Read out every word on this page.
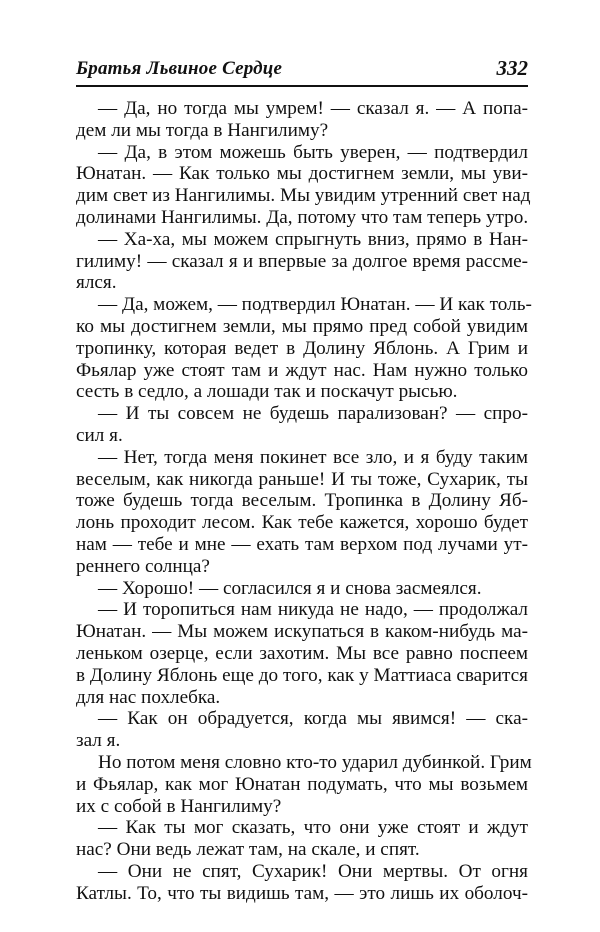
Братья Львиное Сердце	332
— Да, но тогда мы умрем! — сказал я. — А попа-
дем ли мы тогда в Нангилиму?
— Да, в этом можешь быть уверен, — подтвердил
Юнатан. — Как только мы достигнем земли, мы уви-
дим свет из Нангилимы. Мы увидим утренний свет над
долинами Нангилимы. Да, потому что там теперь утро.
— Ха-ха, мы можем спрыгнуть вниз, прямо в Нан-
гилиму! — сказал я и впервые за долгое время рассме-
ялся.
— Да, можем, — подтвердил Юнатан. — И как толь-
ко мы достигнем земли, мы прямо пред собой увидим
тропинку, которая ведет в Долину Яблонь. А Грим и
Фьялар уже стоят там и ждут нас. Нам нужно только
сесть в седло, а лошади так и поскачут рысью.
— И ты совсем не будешь парализован? — спро-
сил я.
— Нет, тогда меня покинет все зло, и я буду таким
веселым, как никогда раньше! И ты тоже, Сухарик, ты
тоже будешь тогда веселым. Тропинка в Долину Яб-
лонь проходит лесом. Как тебе кажется, хорошо будет
нам — тебе и мне — ехать там верхом под лучами ут-
реннего солнца?
— Хорошо! — согласился я и снова засмеялся.
— И торопиться нам никуда не надо, — продолжал
Юнатан. — Мы можем искупаться в каком-нибудь ма-
леньком озерце, если захотим. Мы все равно поспеем
в Долину Яблонь еще до того, как у Маттиаса сварится
для нас похлебка.
— Как он обрадуется, когда мы явимся! — ска-
зал я.
Но потом меня словно кто-то ударил дубинкой. Грим
и Фьялар, как мог Юнатан подумать, что мы возьмем
их с собой в Нангилиму?
— Как ты мог сказать, что они уже стоят и ждут
нас? Они ведь лежат там, на скале, и спят.
— Они не спят, Сухарик! Они мертвы. От огня
Катлы. То, что ты видишь там, — это лишь их оболоч-
